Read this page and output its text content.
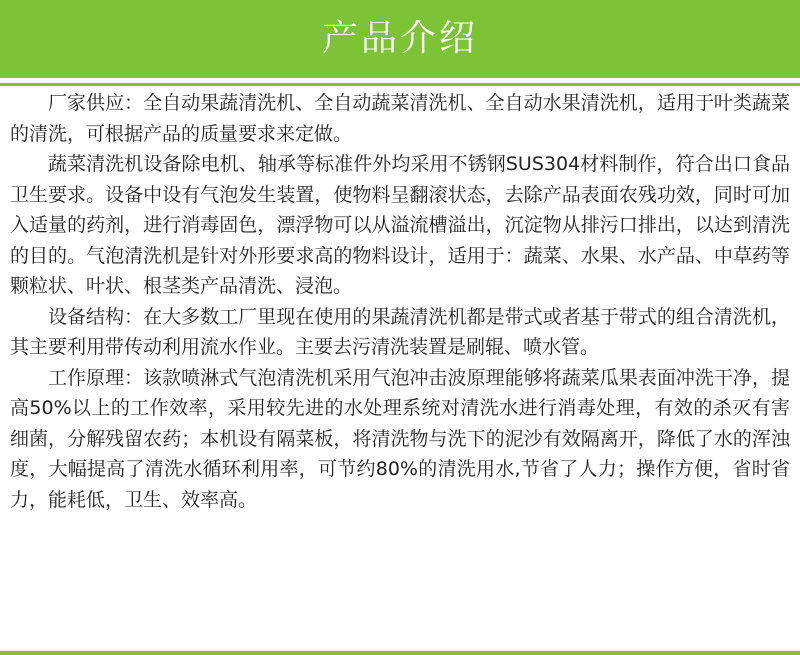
产品介绍

厂家供应：全自动果蔬清洗机、全自动蔬菜清洗机、全自动水果清洗机，适用于叶类蔬菜的清洗，可根据产品的质量要求来定做。

蔬菜清洗机设备除电机、轴承等标准件外均采用不锈钢SUS304材料制作，符合出口食品卫生要求。设备中设有气泡发生装置，使物料呈翻滚状态，去除产品表面农残功效，同时可加入适量的药剂，进行消毒固色，漂浮物可以从溢流槽溢出，沉淀物从排污口排出，以达到清洗的目的。气泡清洗机是针对外形要求高的物料设计，适用于：蔬菜、水果、水产品、中草药等颗粒状、叶状、根茎类产品清洗、浸泡。

设备结构：在大多数工厂里现在使用的果蔬清洗机都是带式或者基于带式的组合清洗机，其主要利用带传动利用流水作业。主要去污清洗装置是刷辊、喷水管。

工作原理：该款喷淋式气泡清洗机采用气泡冲击波原理能够将蔬菜瓜果表面冲洗干净，提高50%以上的工作效率，采用较先进的水处理系统对清洗水进行消毒处理，有效的杀灭有害细菌，分解残留农药；本机设有隔菜板，将清洗物与洗下的泥沙有效隔离开，降低了水的浑浊度，大幅提高了清洗水循环利用率，可节约80%的清洗用水,节省了人力；操作方便，省时省力，能耗低，卫生、效率高。
